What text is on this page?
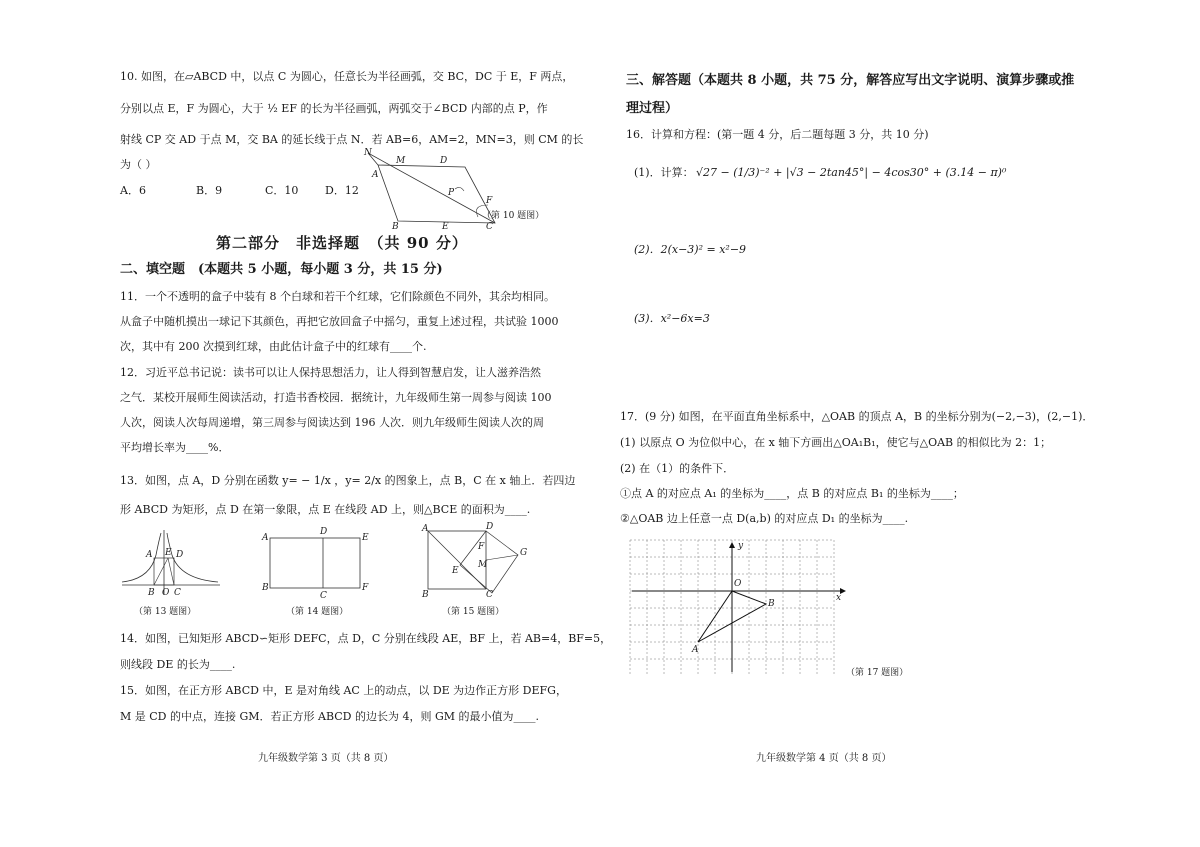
10. 如图，在▱ABCD 中，以点 C 为圆心，任意长为半径画弧，交 BC，DC 于 E，F 两点，
分别以点 E，F 为圆心，大于 ½ EF 的长为半径画弧，两弧交于∠BCD 内部的点 P，作
射线 CP 交 AD 于点 M，交 BA 的延长线于点 N．若 AB=6，AM=2，MN=3，则 CM 的长
为（ ）
A．6	B．9	C．10 D．12
N
A
M	D
P
F
B	E	C
（第 10 题图）
第二部分　非选择题　（共 90 分）
二、填空题　(本题共 5 小题，每小题 3 分，共 15 分)
11．一个不透明的盒子中装有 8 个白球和若干个红球，它们除颜色不同外，其余均相同。
从盒子中随机摸出一球记下其颜色，再把它放回盒子中摇匀，重复上述过程，共试验 1000
次，其中有 200 次摸到红球，由此估计盒子中的红球有____个.
12．习近平总书记说：读书可以让人保持思想活力，让人得到智慧启发，让人滋养浩然
之气．某校开展师生阅读活动，打造书香校园．据统计，九年级师生第一周参与阅读 100
人次，阅读人次每周递增，第三周参与阅读达到 196 人次．则九年级师生阅读人次的周
平均增长率为____%．
13．如图，点 A，D 分别在函数 y= − 1/x ，y= 2/x 的图象上，点 B，C 在 x 轴上．若四边
形 ABCD 为矩形，点 D 在第一象限，点 E 在线段 AD 上，则△BCE 的面积为____.
A E D
B O C
（第 13 题图）
A
D
E
B
C
F
（第 14 题图）
A	D
F
G
E
M
B	C
（第 15 题图）
14．如图，已知矩形 ABCD∽矩形 DEFC，点 D，C 分别在线段 AE，BF 上，若 AB=4，BF=5，
则线段 DE 的长为____.
15．如图，在正方形 ABCD 中，E 是对角线 AC 上的动点，以 DE 为边作正方形 DEFG，
M 是 CD 的中点，连接 GM．若正方形 ABCD 的边长为 4，则 GM 的最小值为____.
九年级数学第 3 页（共 8 页）
三、解答题（本题共 8 小题，共 75 分，解答应写出文字说明、演算步骤或推
理过程）
16．计算和方程：(第一题 4 分，后二题每题 3 分，共 10 分)
(1)．计算： √27 − (1/3)⁻² + |√3 − 2tan45°| − 4cos30° + (3.14 − π)⁰
(2)．2(x−3)² = x²−9
(3)．x²−6x=3
17．(9 分) 如图，在平面直角坐标系中，△OAB 的顶点 A，B 的坐标分别为(−2,−3)，(2,−1)．
(1) 以原点 O 为位似中心，在 x 轴下方画出△OA₁B₁，使它与△OAB 的相似比为 2：1；
(2) 在（1）的条件下．
①点 A 的对应点 A₁ 的坐标为____，点 B 的对应点 B₁ 的坐标为____；
②△OAB 边上任意一点 D(a,b) 的对应点 D₁ 的坐标为____.
y
x
O
A
B
（第 17 题图）
九年级数学第 4 页（共 8 页）
